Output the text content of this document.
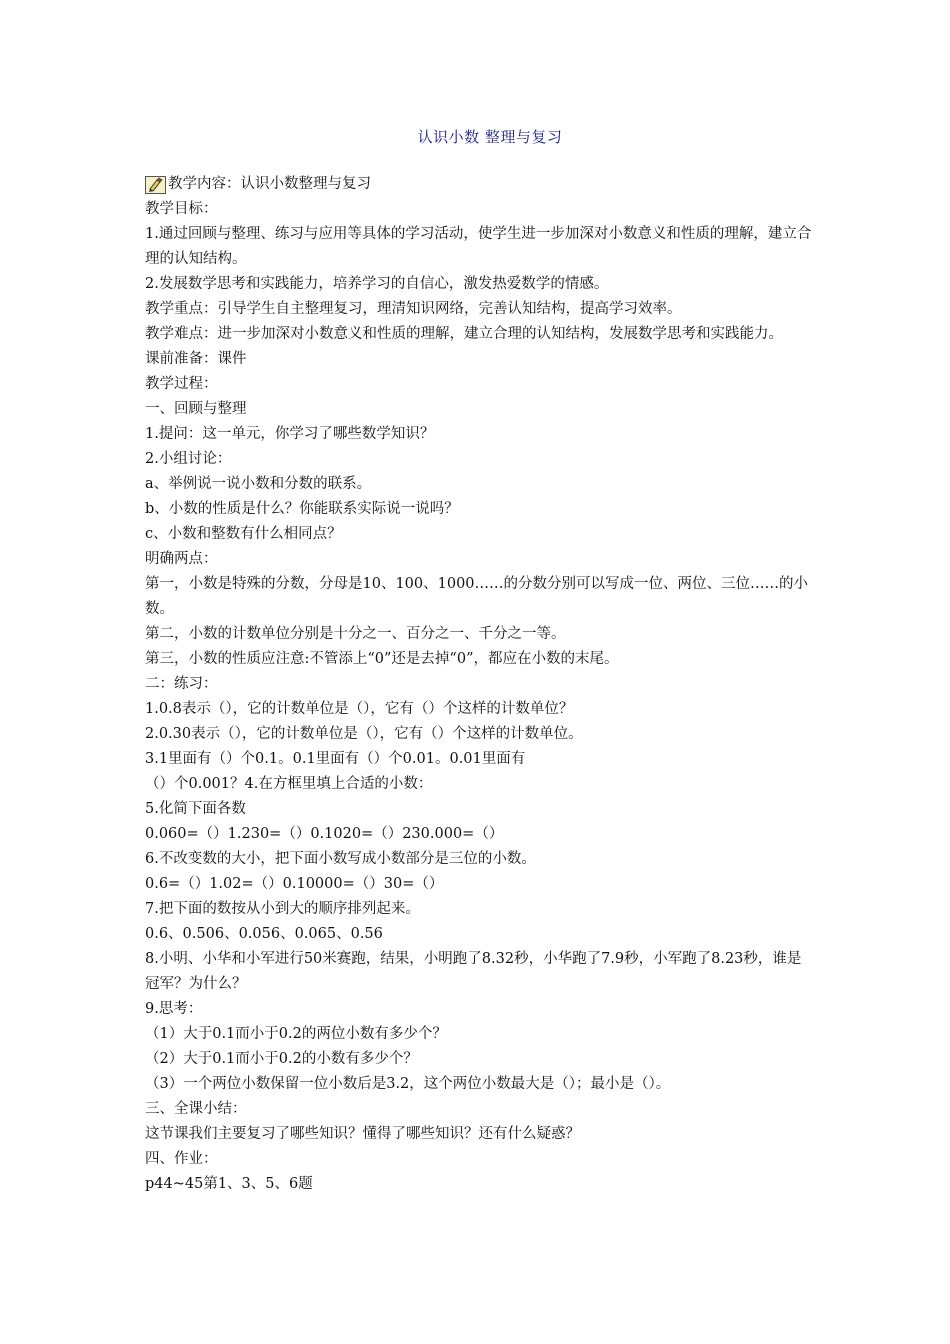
认识小数 整理与复习
教学内容：认识小数整理与复习
教学目标：
1.通过回顾与整理、练习与应用等具体的学习活动，使学生进一步加深对小数意义和性质的理解，建立合理的认知结构。
2.发展数学思考和实践能力，培养学习的自信心，激发热爱数学的情感。
教学重点：引导学生自主整理复习，理清知识网络，完善认知结构，提高学习效率。
教学难点：进一步加深对小数意义和性质的理解，建立合理的认知结构，发展数学思考和实践能力。
课前准备：课件
教学过程：
一、回顾与整理
1.提问：这一单元，你学习了哪些数学知识？
2.小组讨论：
a、举例说一说小数和分数的联系。
b、小数的性质是什么？你能联系实际说一说吗？
c、小数和整数有什么相同点？
明确两点：
第一，小数是特殊的分数，分母是10、100、1000……的分数分别可以写成一位、两位、三位……的小数。
第二，小数的计数单位分别是十分之一、百分之一、千分之一等。
第三，小数的性质应注意:不管添上“0”还是去掉“0”，都应在小数的末尾。
二：练习：
1.0.8表示（），它的计数单位是（），它有（）个这样的计数单位？
2.0.30表示（），它的计数单位是（），它有（）个这样的计数单位。
3.1里面有（）个0.1。0.1里面有（）个0.01。0.01里面有
（）个0.001？4.在方框里填上合适的小数：
5.化简下面各数
0.060=（）1.230=（）0.1020=（）230.000=（）
6.不改变数的大小，把下面小数写成小数部分是三位的小数。
0.6=（）1.02=（）0.10000=（）30=（）
7.把下面的数按从小到大的顺序排列起来。
0.6、0.506、0.056、0.065、0.56
8.小明、小华和小军进行50米赛跑，结果，小明跑了8.32秒，小华跑了7.9秒，小军跑了8.23秒，谁是冠军？为什么？
9.思考：
（1）大于0.1而小于0.2的两位小数有多少个？
（2）大于0.1而小于0.2的小数有多少个？
（3）一个两位小数保留一位小数后是3.2，这个两位小数最大是（）；最小是（）。
三、全课小结：
这节课我们主要复习了哪些知识？懂得了哪些知识？还有什么疑惑？
四、作业：
p44~45第1、3、5、6题
